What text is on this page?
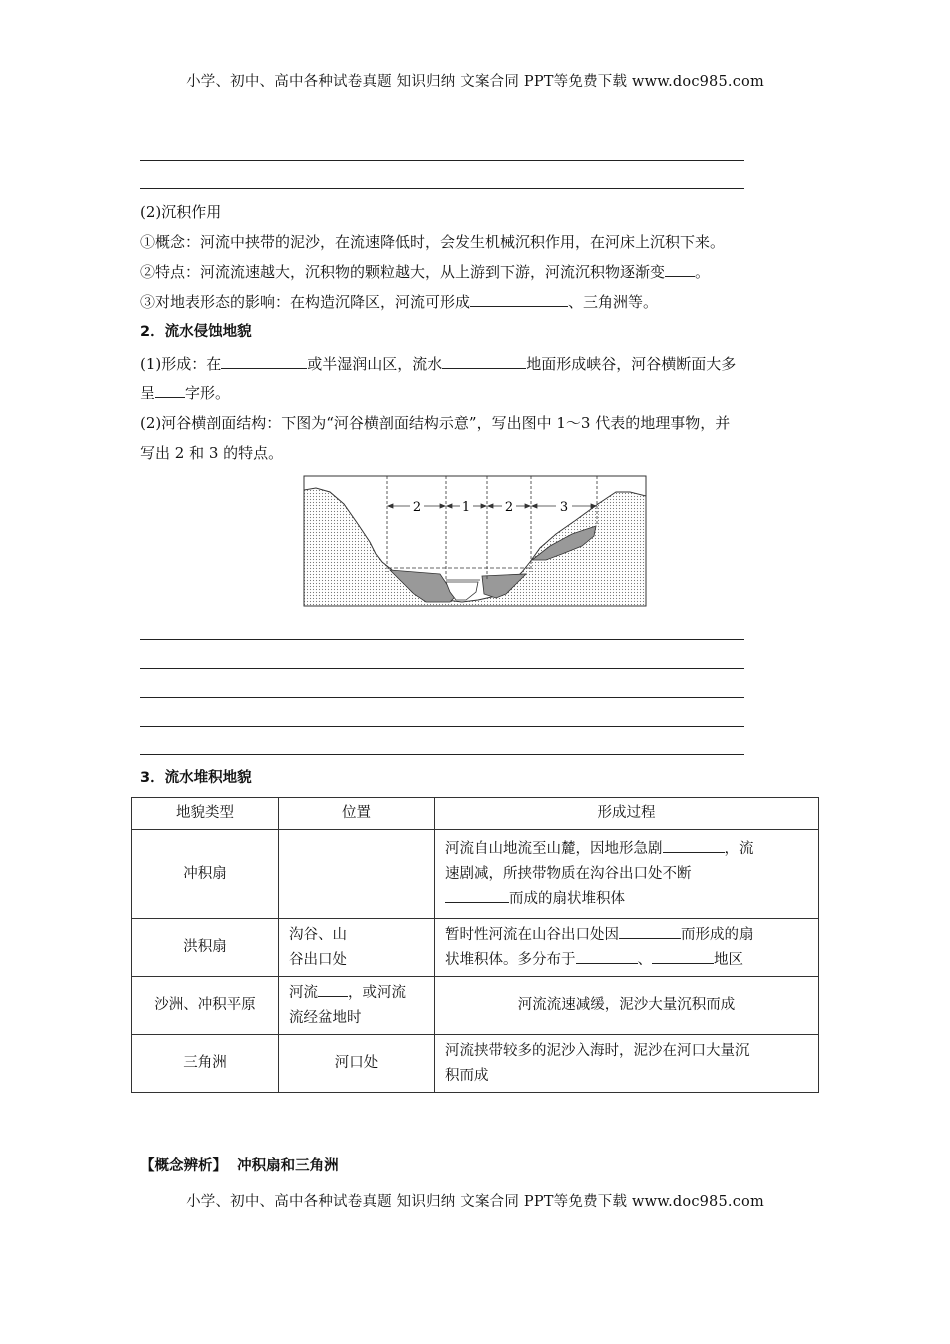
小学、初中、高中各种试卷真题 知识归纳 文案合同 PPT等免费下载 www.doc985.com
(2)沉积作用
①概念：河流中挟带的泥沙，在流速降低时，会发生机械沉积作用，在河床上沉积下来。
②特点：河流流速越大，沉积物的颗粒越大，从上游到下游，河流沉积物逐渐变 。
③对地表形态的影响：在构造沉降区，河流可形成	、三角洲等。
2．流水侵蚀地貌
(1)形成：在	或半湿润山区，流水	地面形成峡谷，河谷横断面大多
呈 字形。
(2)河谷横剖面结构：下图为“河谷横剖面结构示意”，写出图中 1～3 代表的地理事物，并
写出 2 和 3 的特点。
2	1	2	3
3．流水堆积地貌
地貌类型	位置	形成过程
冲积扇		河流自山地流至山麓，因地形急剧 ，流
速剧减，所挟带物质在沟谷出口处不断
而成的扇状堆积体
洪积扇	沟谷、山
谷出口处	暂时性河流在山谷出口处因 而形成的扇
状堆积体。多分布于 、 地区
沙洲、冲积平原	河流 ，或河流
流经盆地时	河流流速减缓，泥沙大量沉积而成
三角洲	河口处	河流挟带较多的泥沙入海时，泥沙在河口大量沉
积而成
【概念辨析】 冲积扇和三角洲
小学、初中、高中各种试卷真题 知识归纳 文案合同 PPT等免费下载 www.doc985.com
